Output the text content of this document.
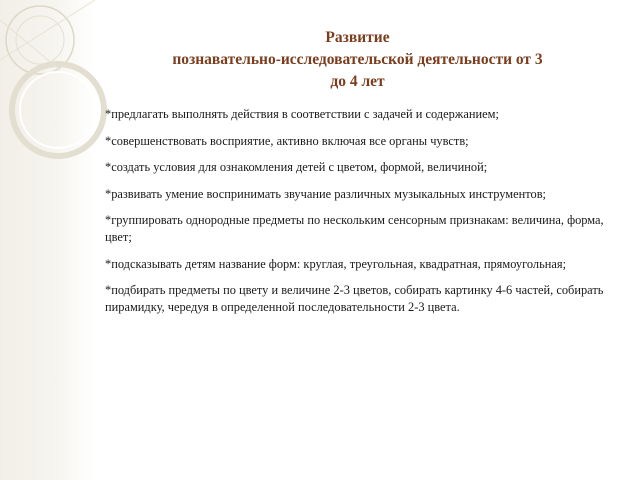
Развитие
познавательно-исследовательской деятельности от 3
до 4 лет
*предлагать выполнять действия в соответствии с задачей и содержанием;
*совершенствовать восприятие, активно включая все органы чувств;
*создать условия для ознакомления детей с цветом, формой, величиной;
*развивать умение воспринимать звучание различных музыкальных инструментов;
*группировать однородные предметы по нескольким сенсорным признакам: величина, форма, цвет;
*подсказывать детям название форм: круглая, треугольная, квадратная, прямоугольная;
*подбирать предметы по цвету и величине 2-3 цветов, собирать картинку 4-6 частей, собирать пирамидку, чередуя в определенной последовательности 2-3 цвета.
